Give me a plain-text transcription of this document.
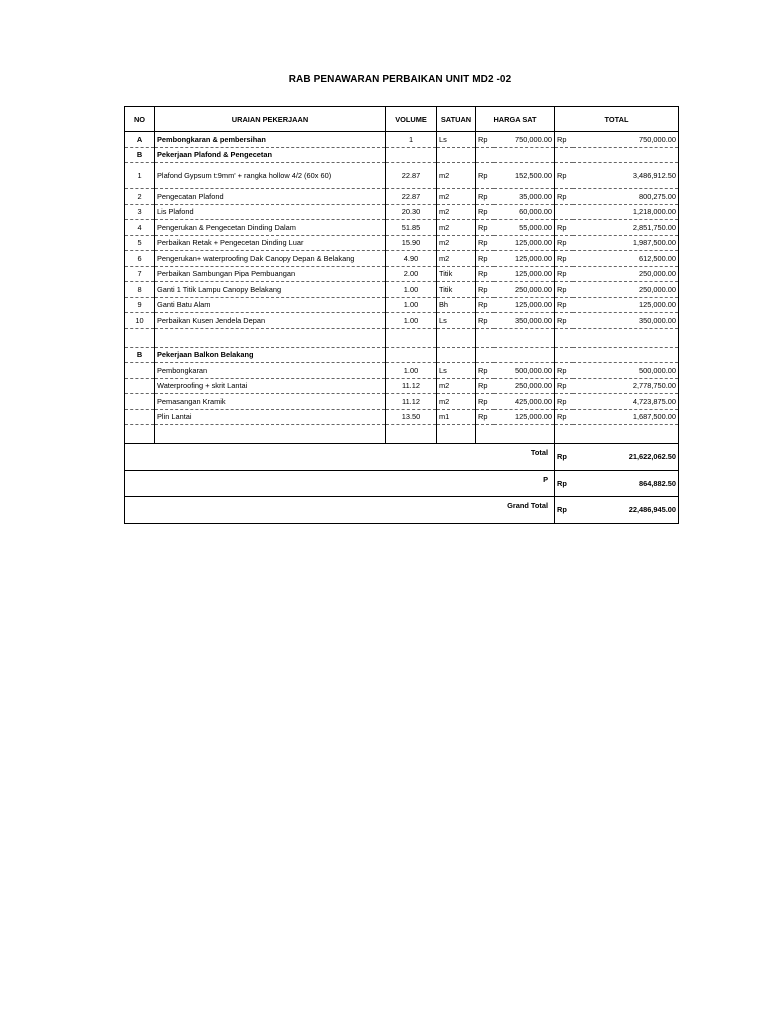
RAB PENAWARAN PERBAIKAN UNIT MD2 -02
NO	URAIAN PEKERJAAN	VOLUME	SATUAN	HARGA SAT		TOTAL	
A	Pembongkaran & pembersihan	1	Ls	Rp	750,000.00	Rp	750,000.00
B	Pekerjaan Plafond & Pengecetan						
1	Plafond Gypsum t:9mm' + rangka hollow 4/2 (60x 60)	22.87	m2	Rp	152,500.00	Rp	3,486,912.50
2	Pengecatan Plafond	22.87	m2	Rp	35,000.00	Rp	800,275.00
3	Lis Plafond	20.30	m2	Rp	60,000.00		1,218,000.00
4	Pengerukan & Pengecetan Dinding Dalam	51.85	m2	Rp	55,000.00	Rp	2,851,750.00
5	Perbaikan Retak + Pengecetan Dinding Luar	15.90	m2	Rp	125,000.00	Rp	1,987,500.00
6	Pengerukan+ waterproofing Dak Canopy Depan & Belakang	4.90	m2	Rp	125,000.00	Rp	612,500.00
7	Perbaikan Sambungan Pipa Pembuangan	2.00	Titik	Rp	125,000.00	Rp	250,000.00
8	Ganti 1 Titik Lampu Canopy Belakang	1.00	Titik	Rp	250,000.00	Rp	250,000.00
9	Ganti Batu Alam	1.00	Bh	Rp	125,000.00	Rp	125,000.00
10	Perbaikan Kusen Jendela Depan	1.00	Ls	Rp	350,000.00	Rp	350,000.00

B	Pekerjaan Balkon Belakang						
	Pembongkaran	1.00	Ls	Rp	500,000.00	Rp	500,000.00
	Waterproofing + skrit Lantai	11.12	m2	Rp	250,000.00	Rp	2,778,750.00
	Pemasangan Kramik	11.12	m2	Rp	425,000.00	Rp	4,723,875.00
	Plin Lantai	13.50	m1	Rp	125,000.00	Rp	1,687,500.00

Total						Rp	21,622,062.50
P						Rp	864,882.50
Grand Total						Rp	22,486,945.00
